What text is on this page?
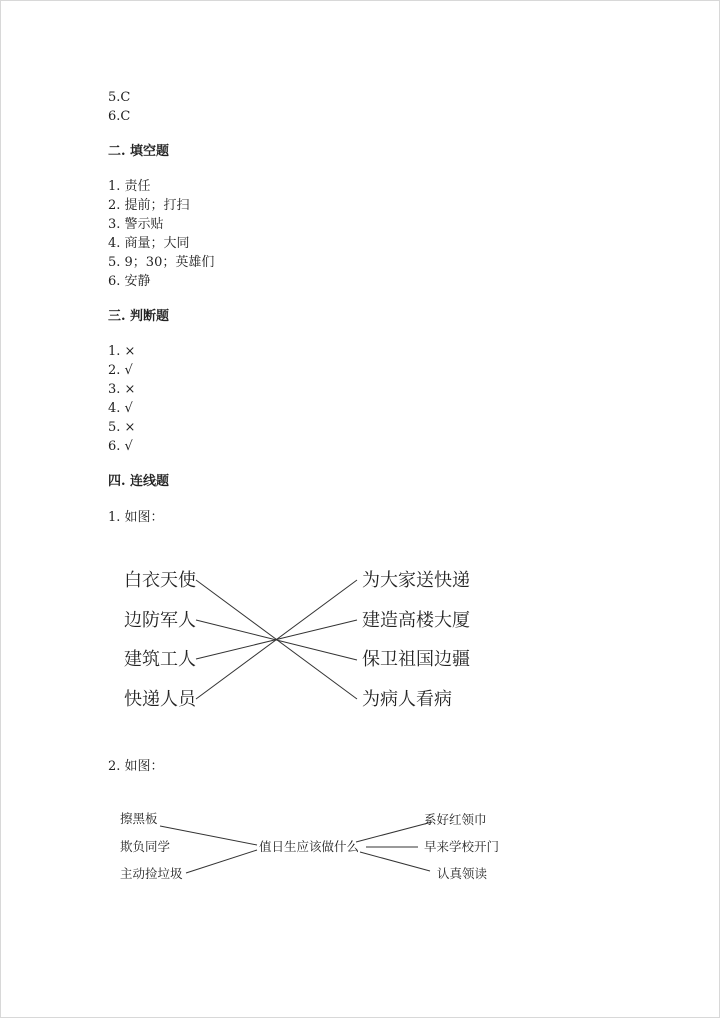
5.C
6.C
二. 填空题
1. 责任
2. 提前；打扫
3. 警示贴
4. 商量；大同
5. 9；30；英雄们
6. 安静
三. 判断题
1. ×
2. √
3. ×
4. √
5. ×
6. √
四. 连线题
1. 如图：
白衣天使
边防军人
建筑工人
快递人员
为大家送快递
建造高楼大厦
保卫祖国边疆
为病人看病
2. 如图：
擦黑板
欺负同学
主动捡垃圾
值日生应该做什么
系好红领巾
早来学校开门
认真领读
